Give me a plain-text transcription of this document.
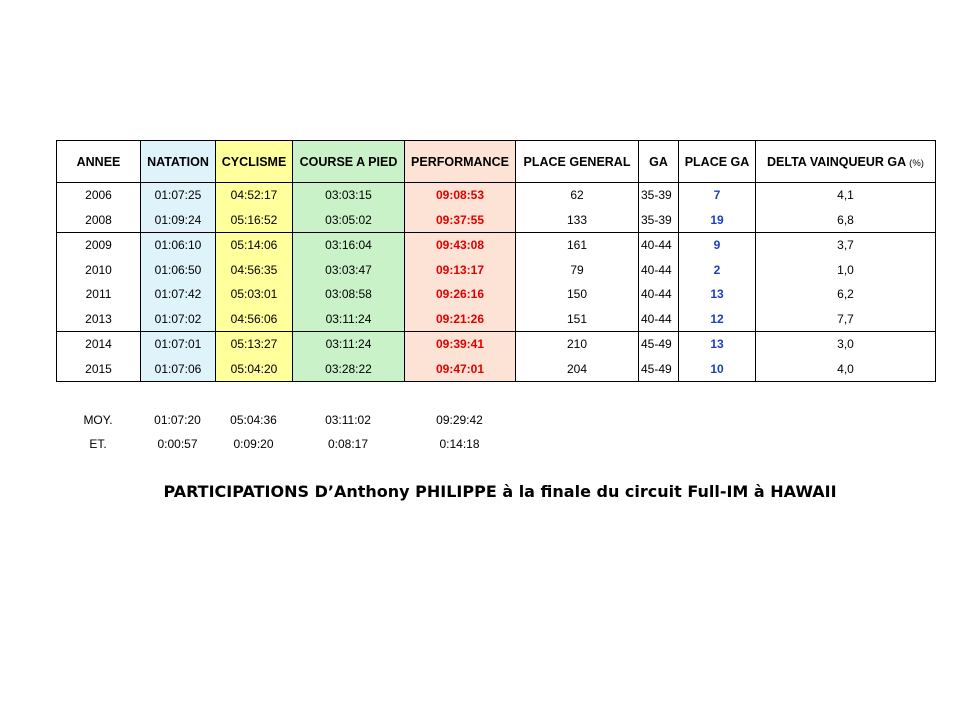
ANNEE	NATATION	CYCLISME	COURSE A PIED	PERFORMANCE	PLACE GENERAL	GA	PLACE GA	DELTA VAINQUEUR GA (%)
2006	01:07:25	04:52:17	03:03:15	09:08:53	62	35-39	7	4,1
2008	01:09:24	05:16:52	03:05:02	09:37:55	133	35-39	19	6,8
2009	01:06:10	05:14:06	03:16:04	09:43:08	161	40-44	9	3,7
2010	01:06:50	04:56:35	03:03:47	09:13:17	79	40-44	2	1,0
2011	01:07:42	05:03:01	03:08:58	09:26:16	150	40-44	13	6,2
2013	01:07:02	04:56:06	03:11:24	09:21:26	151	40-44	12	7,7
2014	01:07:01	05:13:27	03:11:24	09:39:41	210	45-49	13	3,0
2015	01:07:06	05:04:20	03:28:22	09:47:01	204	45-49	10	4,0
MOY.	01:07:20	05:04:36	03:11:02	09:29:42
ET.	0:00:57	0:09:20	0:08:17	0:14:18
PARTICIPATIONS D’Anthony PHILIPPE à la finale du circuit Full-IM à HAWAII
